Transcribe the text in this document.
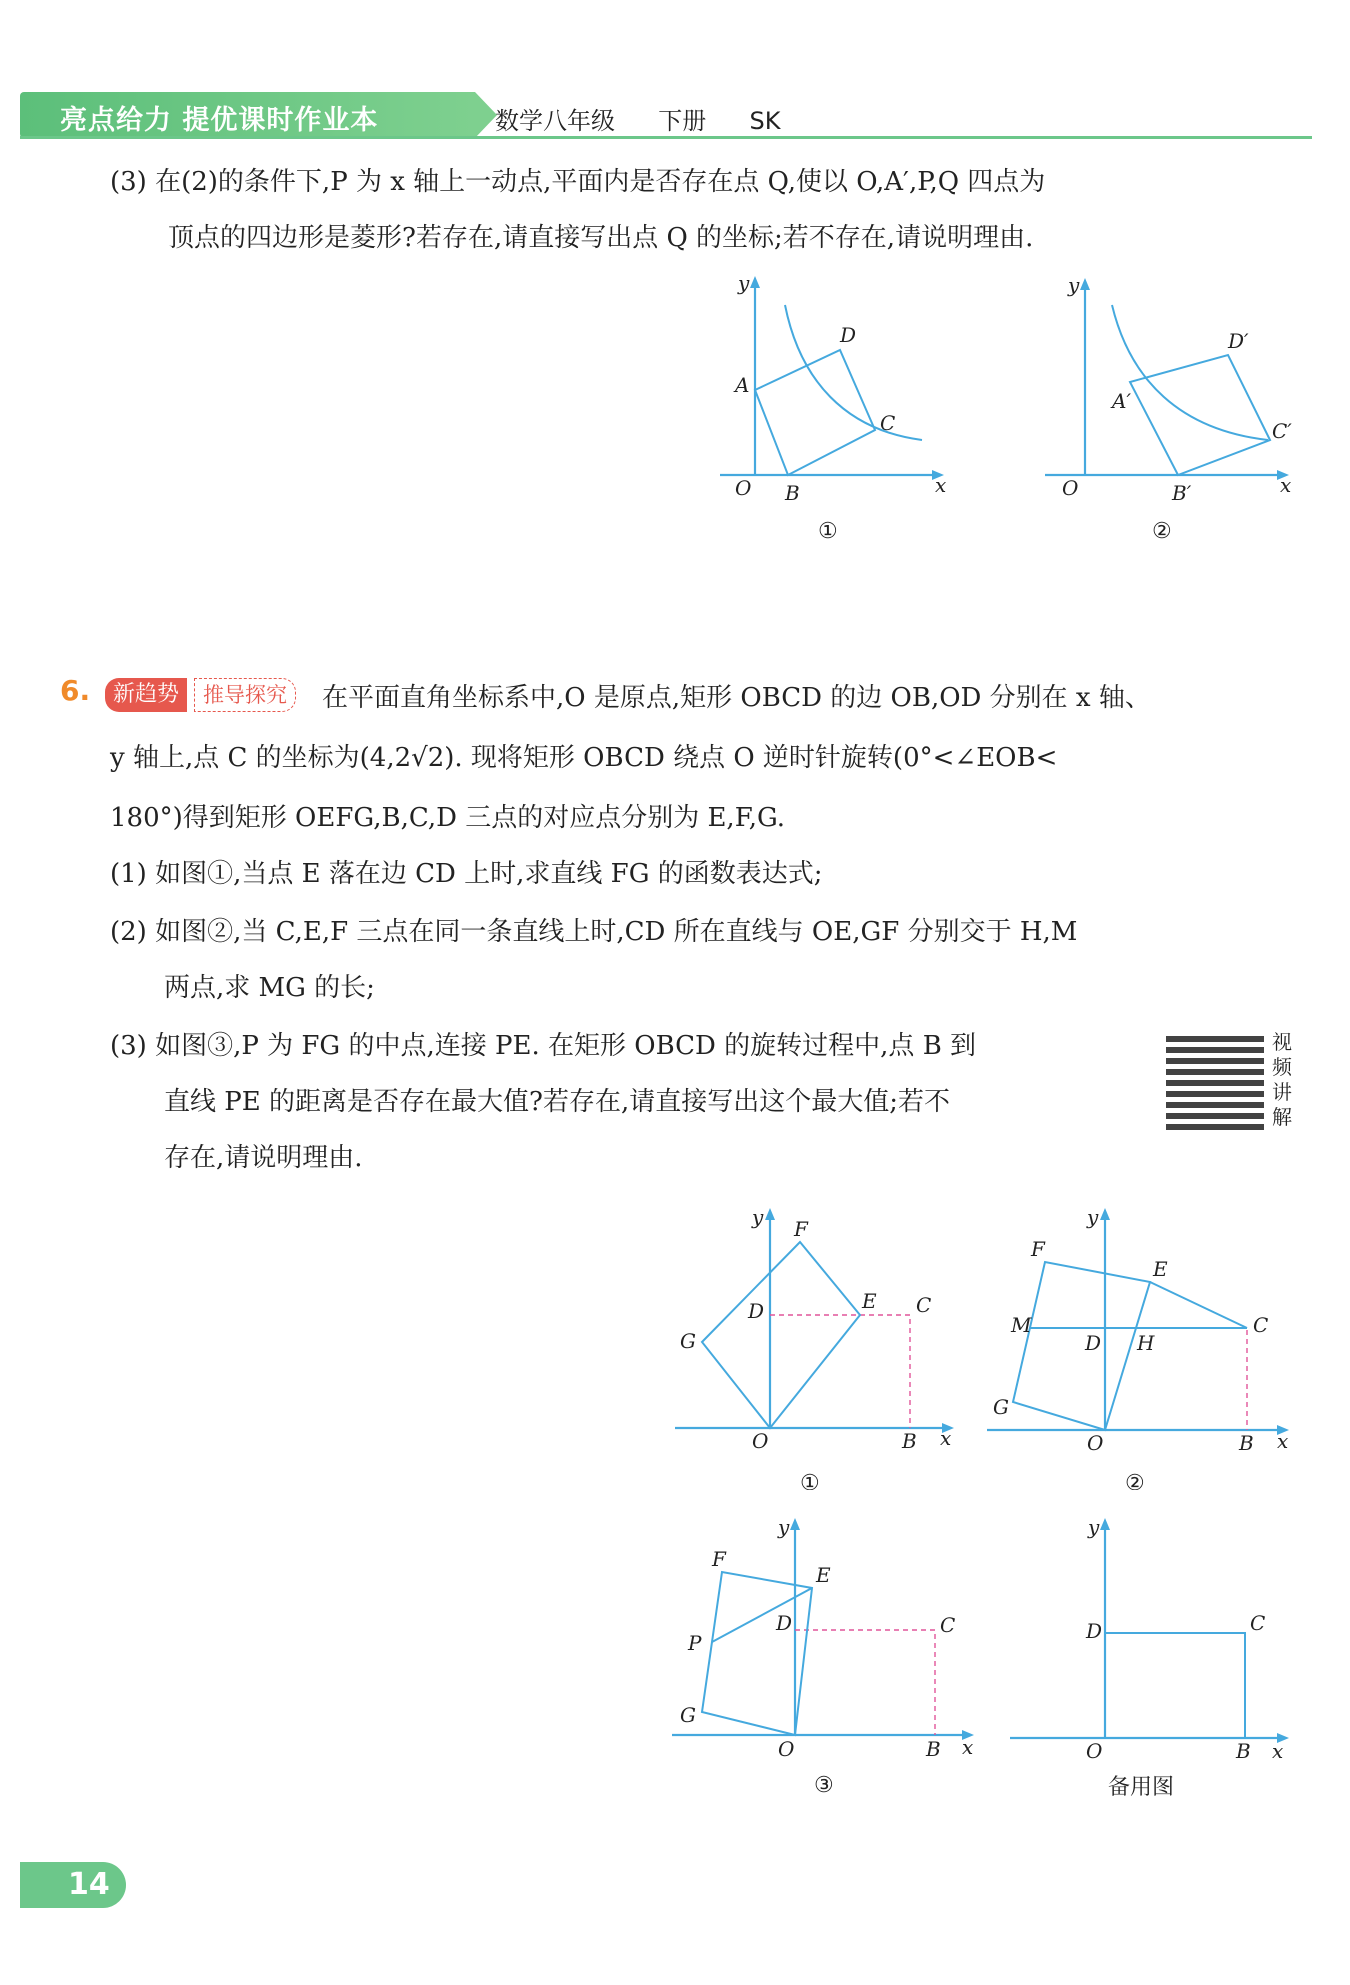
亮点给力 提优课时作业本	数学八年级  下册  SK
(3) 在(2)的条件下,P 为 x 轴上一动点,平面内是否存在点 Q,使以 O,A′,P,Q 四点为
顶点的四边形是菱形?若存在,请直接写出点 Q 的坐标;若不存在,请说明理由.
y
x
O
A
B
C
D
①
y
x
O
A′
B′
C′
D′
②
6.	新趋势	推导探究	在平面直角坐标系中,O 是原点,矩形 OBCD 的边 OB,OD 分别在 x 轴、
y 轴上,点 C 的坐标为(4,2√2). 现将矩形 OBCD 绕点 O 逆时针旋转(0°<∠EOB<
180°)得到矩形 OEFG,B,C,D 三点的对应点分别为 E,F,G.
(1) 如图①,当点 E 落在边 CD 上时,求直线 FG 的函数表达式;
(2) 如图②,当 C,E,F 三点在同一条直线上时,CD 所在直线与 OE,GF 分别交于 H,M
两点,求 MG 的长;
(3) 如图③,P 为 FG 的中点,连接 PE. 在矩形 OBCD 的旋转过程中,点 B 到
直线 PE 的距离是否存在最大值?若存在,请直接写出这个最大值;若不
存在,请说明理由.
视频讲解
y
x
O	B
C
D	E
F
G
①
y
x
O	B
C
D
E
F
G
H
M
②
y
x
O	B
C
D
E
F
G
P
③
y
x
O	B
C
D
备用图
14
